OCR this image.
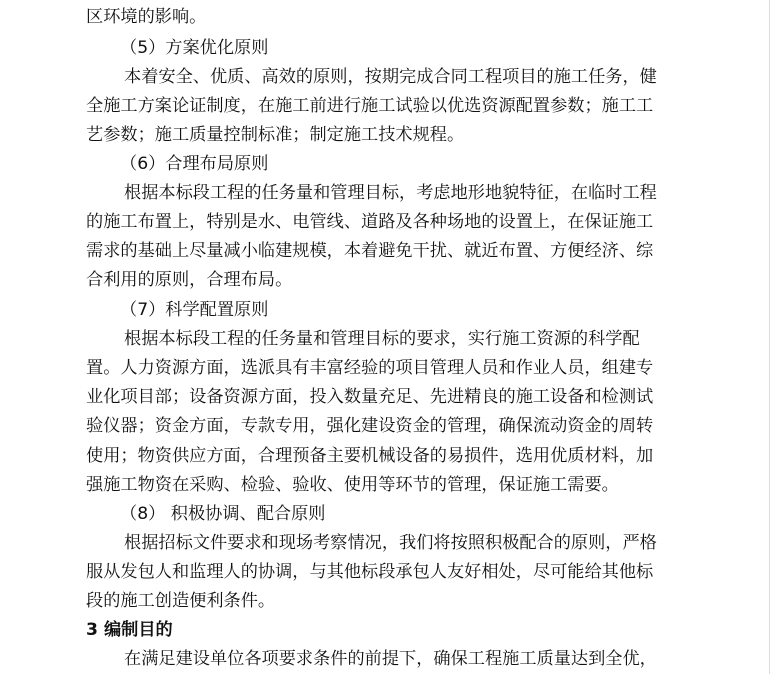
区环境的影响。
（5）方案优化原则
本着安全、优质、高效的原则，按期完成合同工程项目的施工任务，健
全施工方案论证制度，在施工前进行施工试验以优选资源配置参数；施工工
艺参数；施工质量控制标准；制定施工技术规程。
（6）合理布局原则
根据本标段工程的任务量和管理目标，考虑地形地貌特征，在临时工程
的施工布置上，特别是水、电管线、道路及各种场地的设置上，在保证施工
需求的基础上尽量减小临建规模，本着避免干扰、就近布置、方便经济、综
合利用的原则，合理布局。
（7）科学配置原则
根据本标段工程的任务量和管理目标的要求，实行施工资源的科学配
置。人力资源方面，选派具有丰富经验的项目管理人员和作业人员，组建专
业化项目部；设备资源方面，投入数量充足、先进精良的施工设备和检测试
验仪器；资金方面，专款专用，强化建设资金的管理，确保流动资金的周转
使用；物资供应方面，合理预备主要机械设备的易损件，选用优质材料，加
强施工物资在采购、检验、验收、使用等环节的管理，保证施工需要。
（8） 积极协调、配合原则
根据招标文件要求和现场考察情况，我们将按照积极配合的原则，严格
服从发包人和监理人的协调，与其他标段承包人友好相处，尽可能给其他标
段的施工创造便利条件。
3 编制目的
在满足建设单位各项要求条件的前提下，确保工程施工质量达到全优，
